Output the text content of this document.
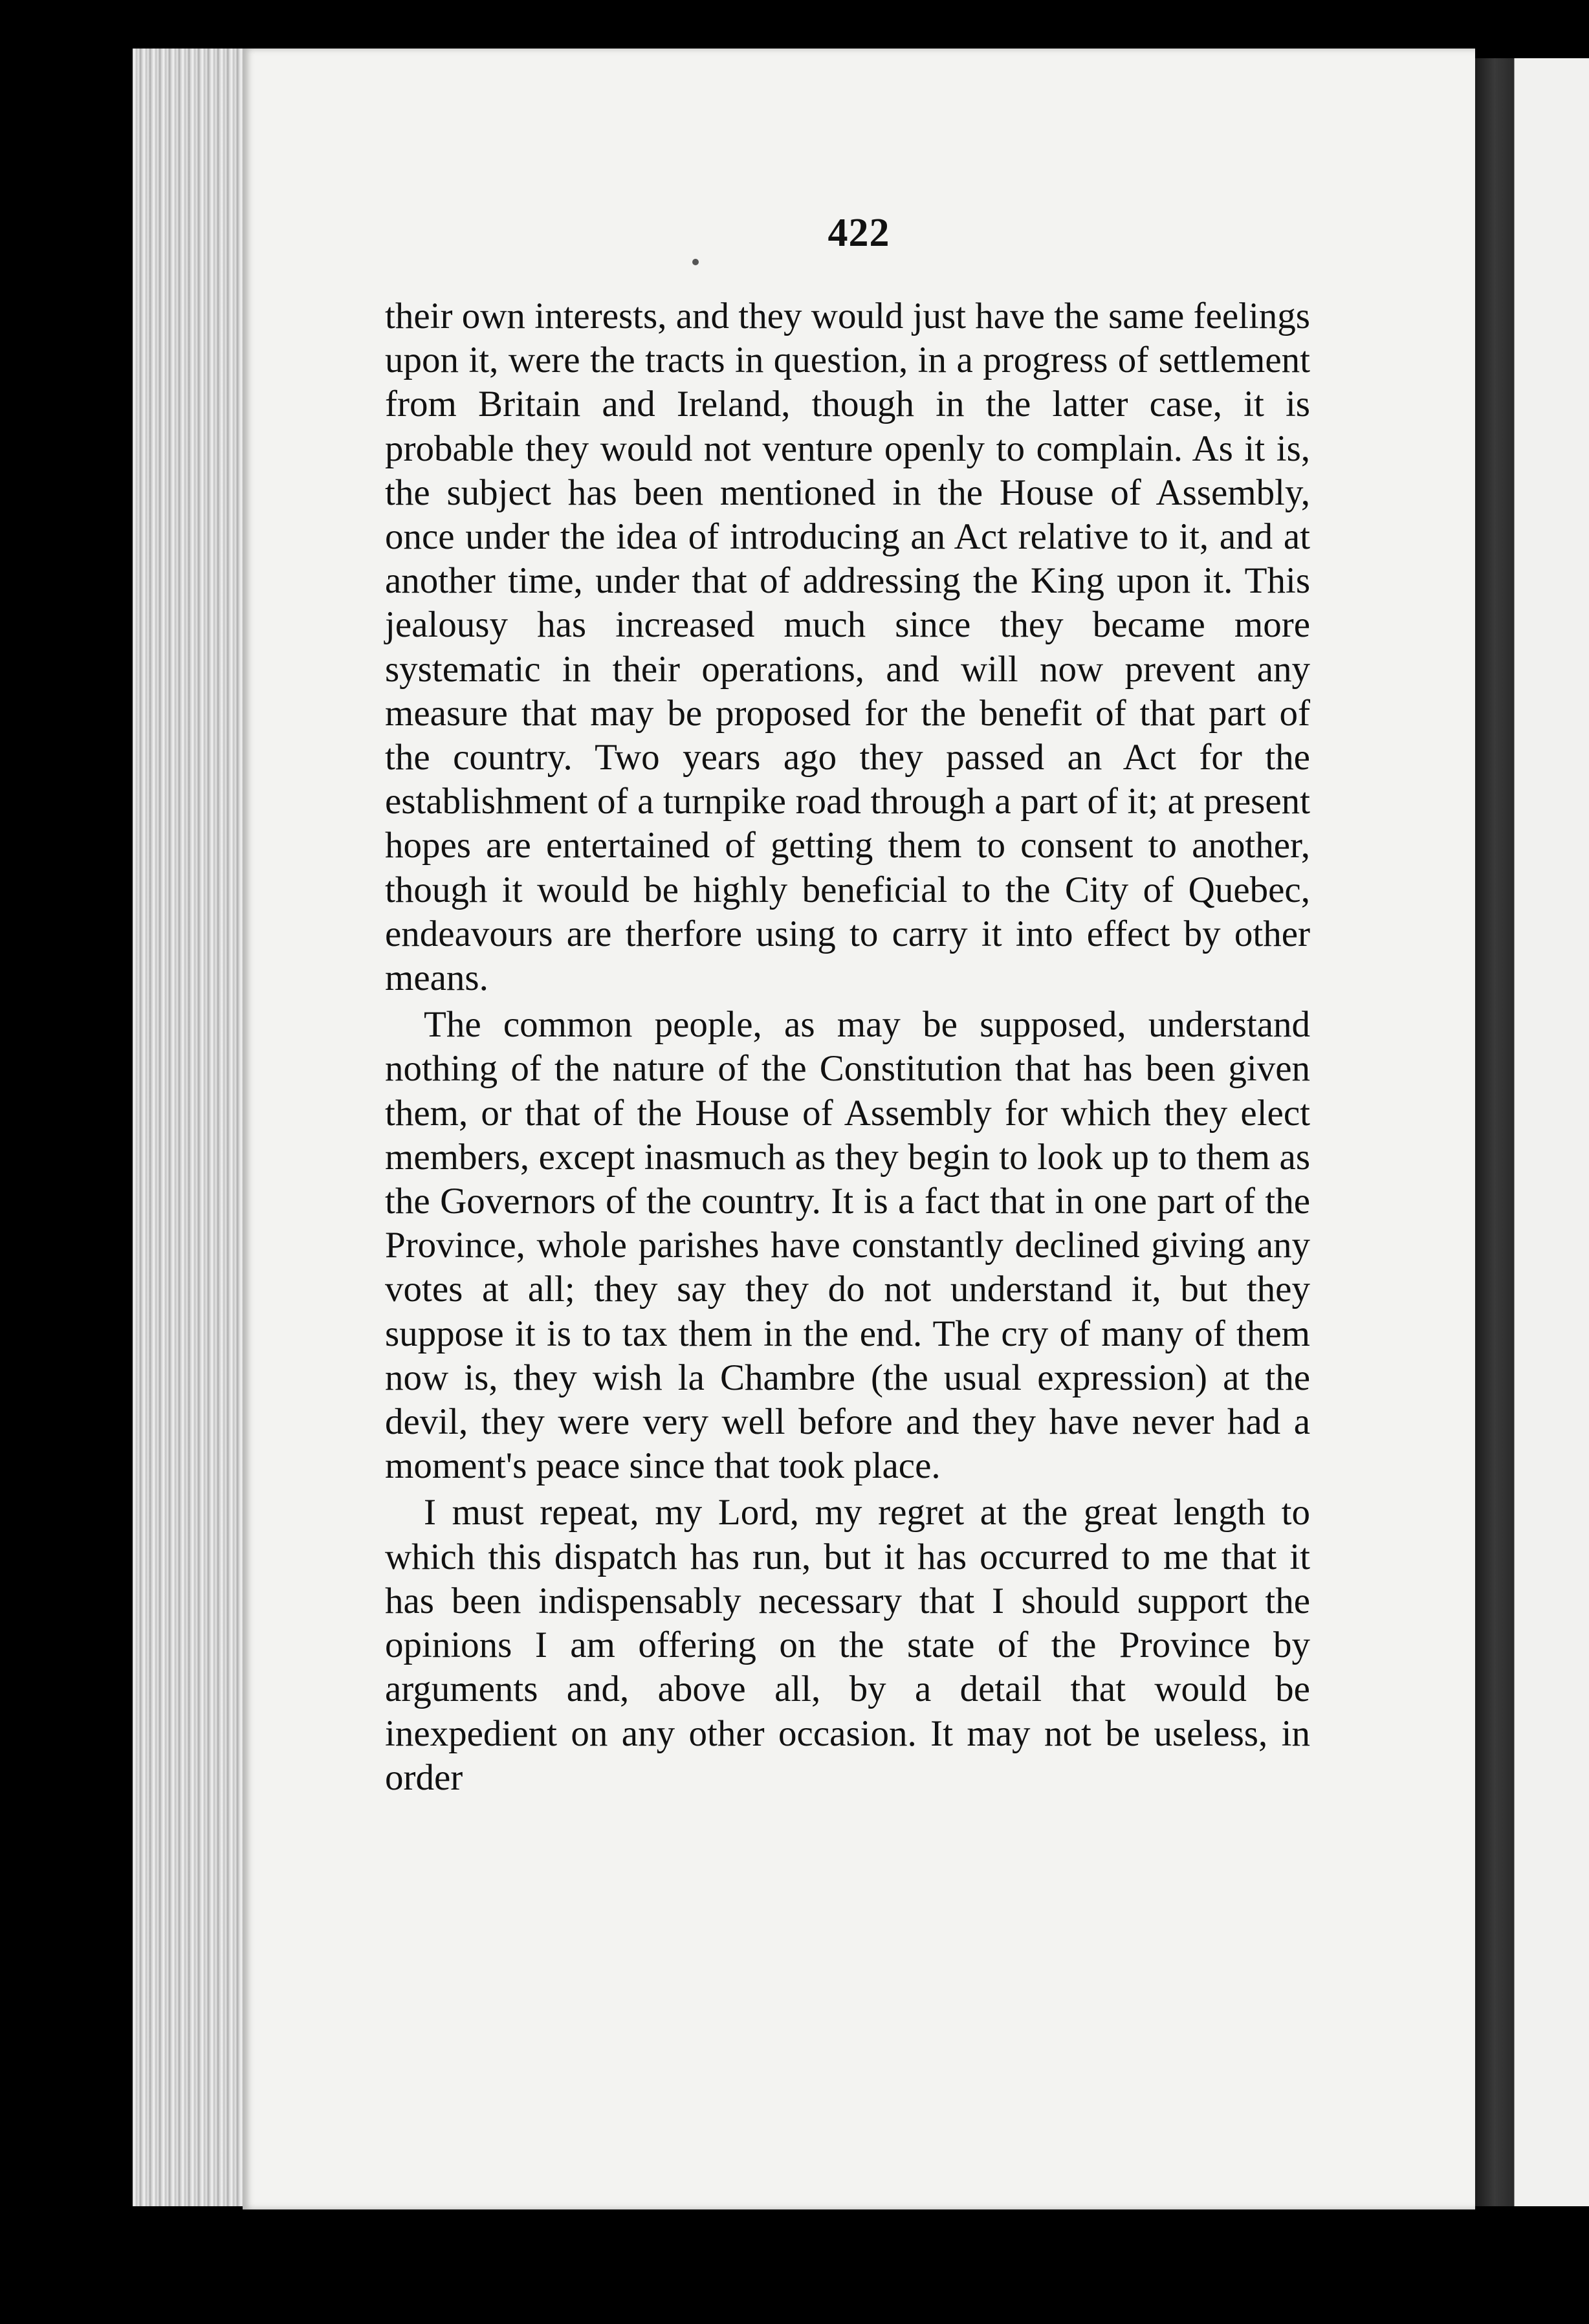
422

their own interests, and they would just have the same feelings upon it, were the tracts in question, in a progress of settlement from Britain and Ireland, though in the latter case, it is probable they would not venture openly to complain. As it is, the subject has been mentioned in the House of Assembly, once under the idea of introducing an Act relative to it, and at another time, under that of addressing the King upon it. This jealousy has increased much since they became more systematic in their operations, and will now prevent any measure that may be proposed for the benefit of that part of the country. Two years ago they passed an Act for the establishment of a turnpike road through a part of it; at present hopes are entertained of getting them to consent to another, though it would be highly beneficial to the City of Quebec, endeavours are therfore using to carry it into effect by other means.

The common people, as may be supposed, understand nothing of the nature of the Constitution that has been given them, or that of the House of Assembly for which they elect members, except inasmuch as they begin to look up to them as the Governors of the country. It is a fact that in one part of the Province, whole parishes have constantly declined giving any votes at all; they say they do not understand it, but they suppose it is to tax them in the end. The cry of many of them now is, they wish la Chambre (the usual expression) at the devil, they were very well before and they have never had a moment's peace since that took place.

I must repeat, my Lord, my regret at the great length to which this dispatch has run, but it has occurred to me that it has been indispensably necessary that I should support the opinions I am offering on the state of the Province by arguments and, above all, by a detail that would be inexpedient on any other occasion. It may not be useless, in order
